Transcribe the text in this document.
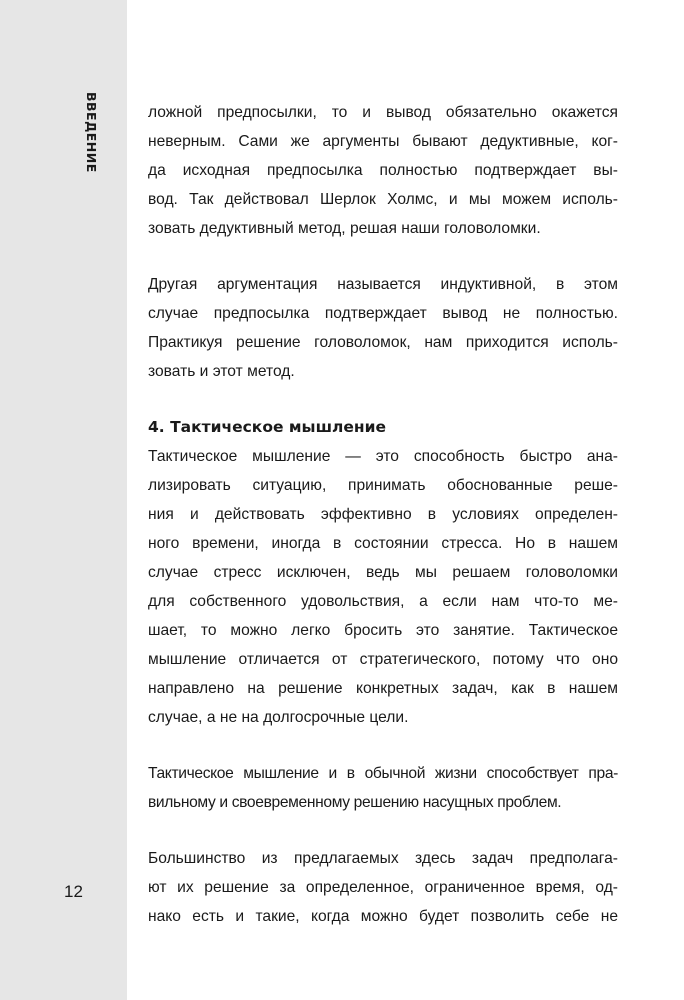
ВВЕДЕНИЕ
12
ложной предпосылки, то и вывод обязательно окажется
неверным. Сами же аргументы бывают дедуктивные, ког-
да исходная предпосылка полностью подтверждает вы-
вод. Так действовал Шерлок Холмс, и мы можем исполь-
зовать дедуктивный метод, решая наши головоломки.
Другая аргументация называется индуктивной, в этом
случае предпосылка подтверждает вывод не полностью.
Практикуя решение головоломок, нам приходится исполь-
зовать и этот метод.
4. Тактическое мышление
Тактическое мышление — это способность быстро ана-
лизировать ситуацию, принимать обоснованные реше-
ния и действовать эффективно в условиях определен-
ного времени, иногда в состоянии стресса. Но в нашем
случае стресс исключен, ведь мы решаем головоломки
для собственного удовольствия, а если нам что-то ме-
шает, то можно легко бросить это занятие. Тактическое
мышление отличается от стратегического, потому что оно
направлено на решение конкретных задач, как в нашем
случае, а не на долгосрочные цели.
Тактическое мышление и в обычной жизни способствует пра-
вильному и своевременному решению насущных проблем.
Большинство из предлагаемых здесь задач предполага-
ют их решение за определенное, ограниченное время, од-
нако есть и такие, когда можно будет позволить себе не
